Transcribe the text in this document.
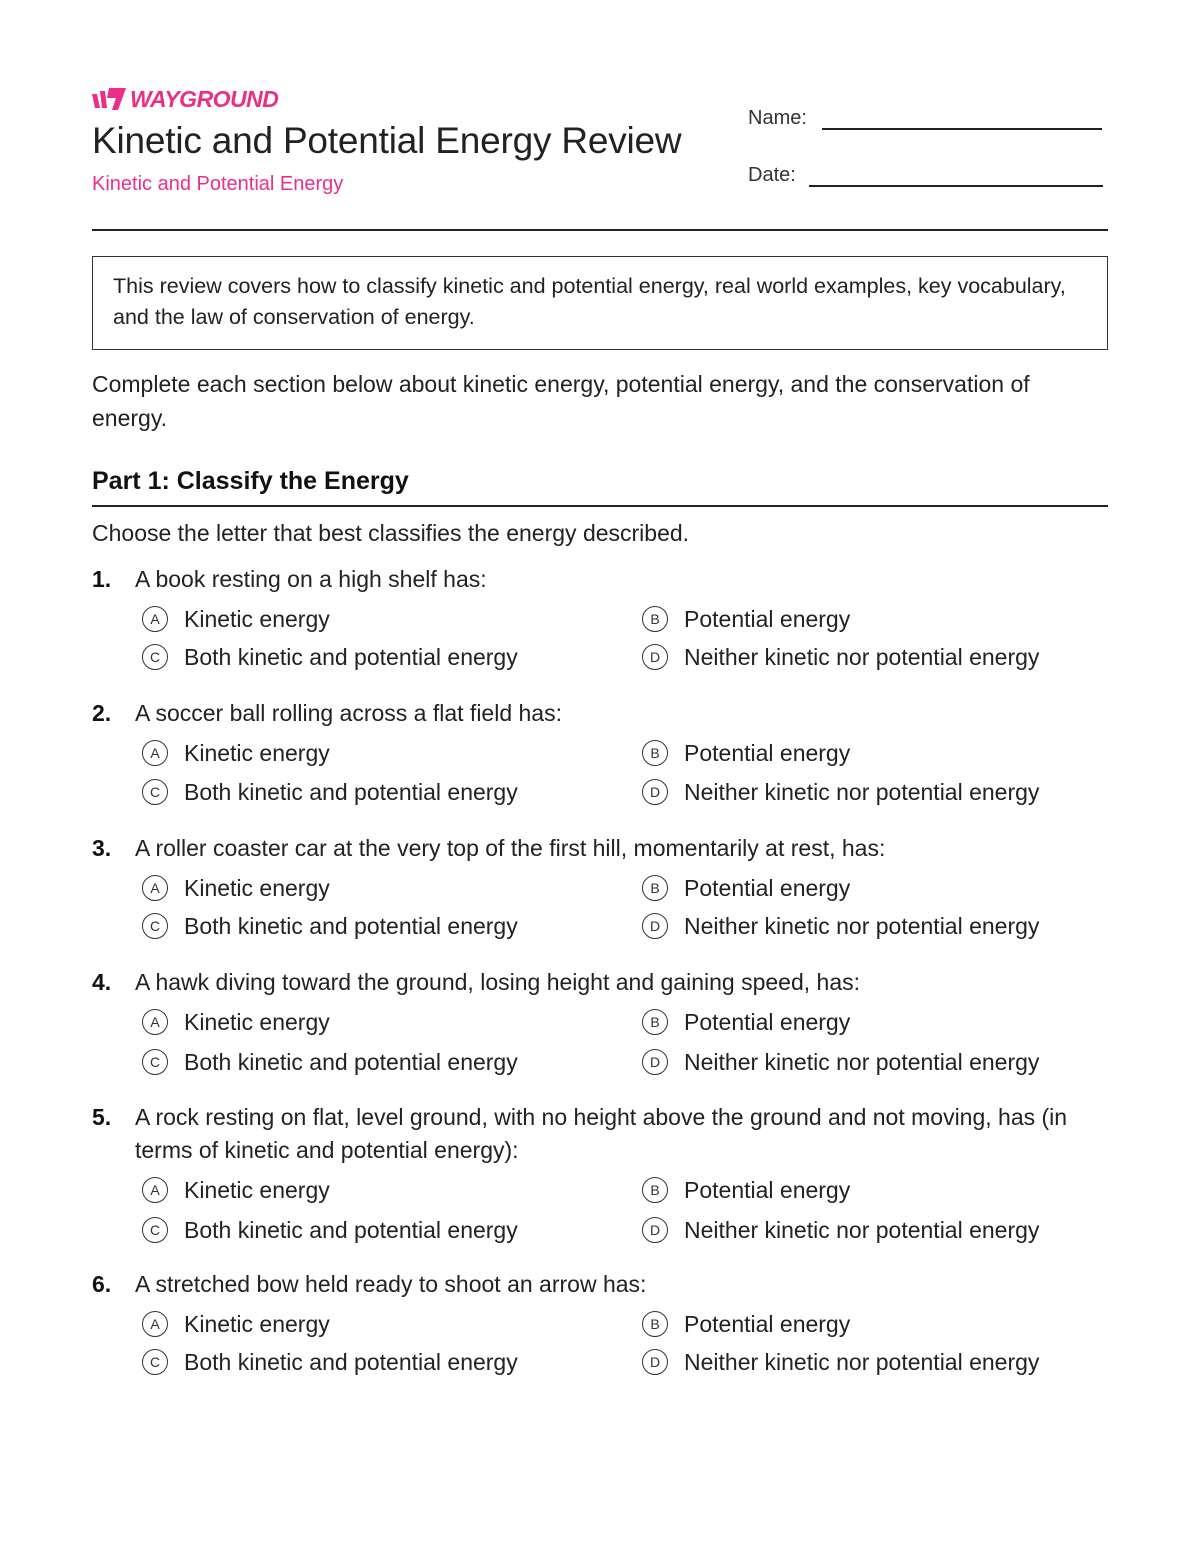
WAYGROUND
Kinetic and Potential Energy Review
Kinetic and Potential Energy
Name:
Date:
This review covers how to classify kinetic and potential energy, real world examples, key vocabulary, and the law of conservation of energy.
Complete each section below about kinetic energy, potential energy, and the conservation of energy.
Part 1: Classify the Energy
Choose the letter that best classifies the energy described.
1.	A book resting on a high shelf has:
A	Kinetic energy	B	Potential energy
C	Both kinetic and potential energy	D	Neither kinetic nor potential energy
2.	A soccer ball rolling across a flat field has:
A	Kinetic energy	B	Potential energy
C	Both kinetic and potential energy	D	Neither kinetic nor potential energy
3.	A roller coaster car at the very top of the first hill, momentarily at rest, has:
A	Kinetic energy	B	Potential energy
C	Both kinetic and potential energy	D	Neither kinetic nor potential energy
4.	A hawk diving toward the ground, losing height and gaining speed, has:
A	Kinetic energy	B	Potential energy
C	Both kinetic and potential energy	D	Neither kinetic nor potential energy
5.	A rock resting on flat, level ground, with no height above the ground and not moving, has (in terms of kinetic and potential energy):
A	Kinetic energy	B	Potential energy
C	Both kinetic and potential energy	D	Neither kinetic nor potential energy
6.	A stretched bow held ready to shoot an arrow has:
A	Kinetic energy	B	Potential energy
C	Both kinetic and potential energy	D	Neither kinetic nor potential energy
